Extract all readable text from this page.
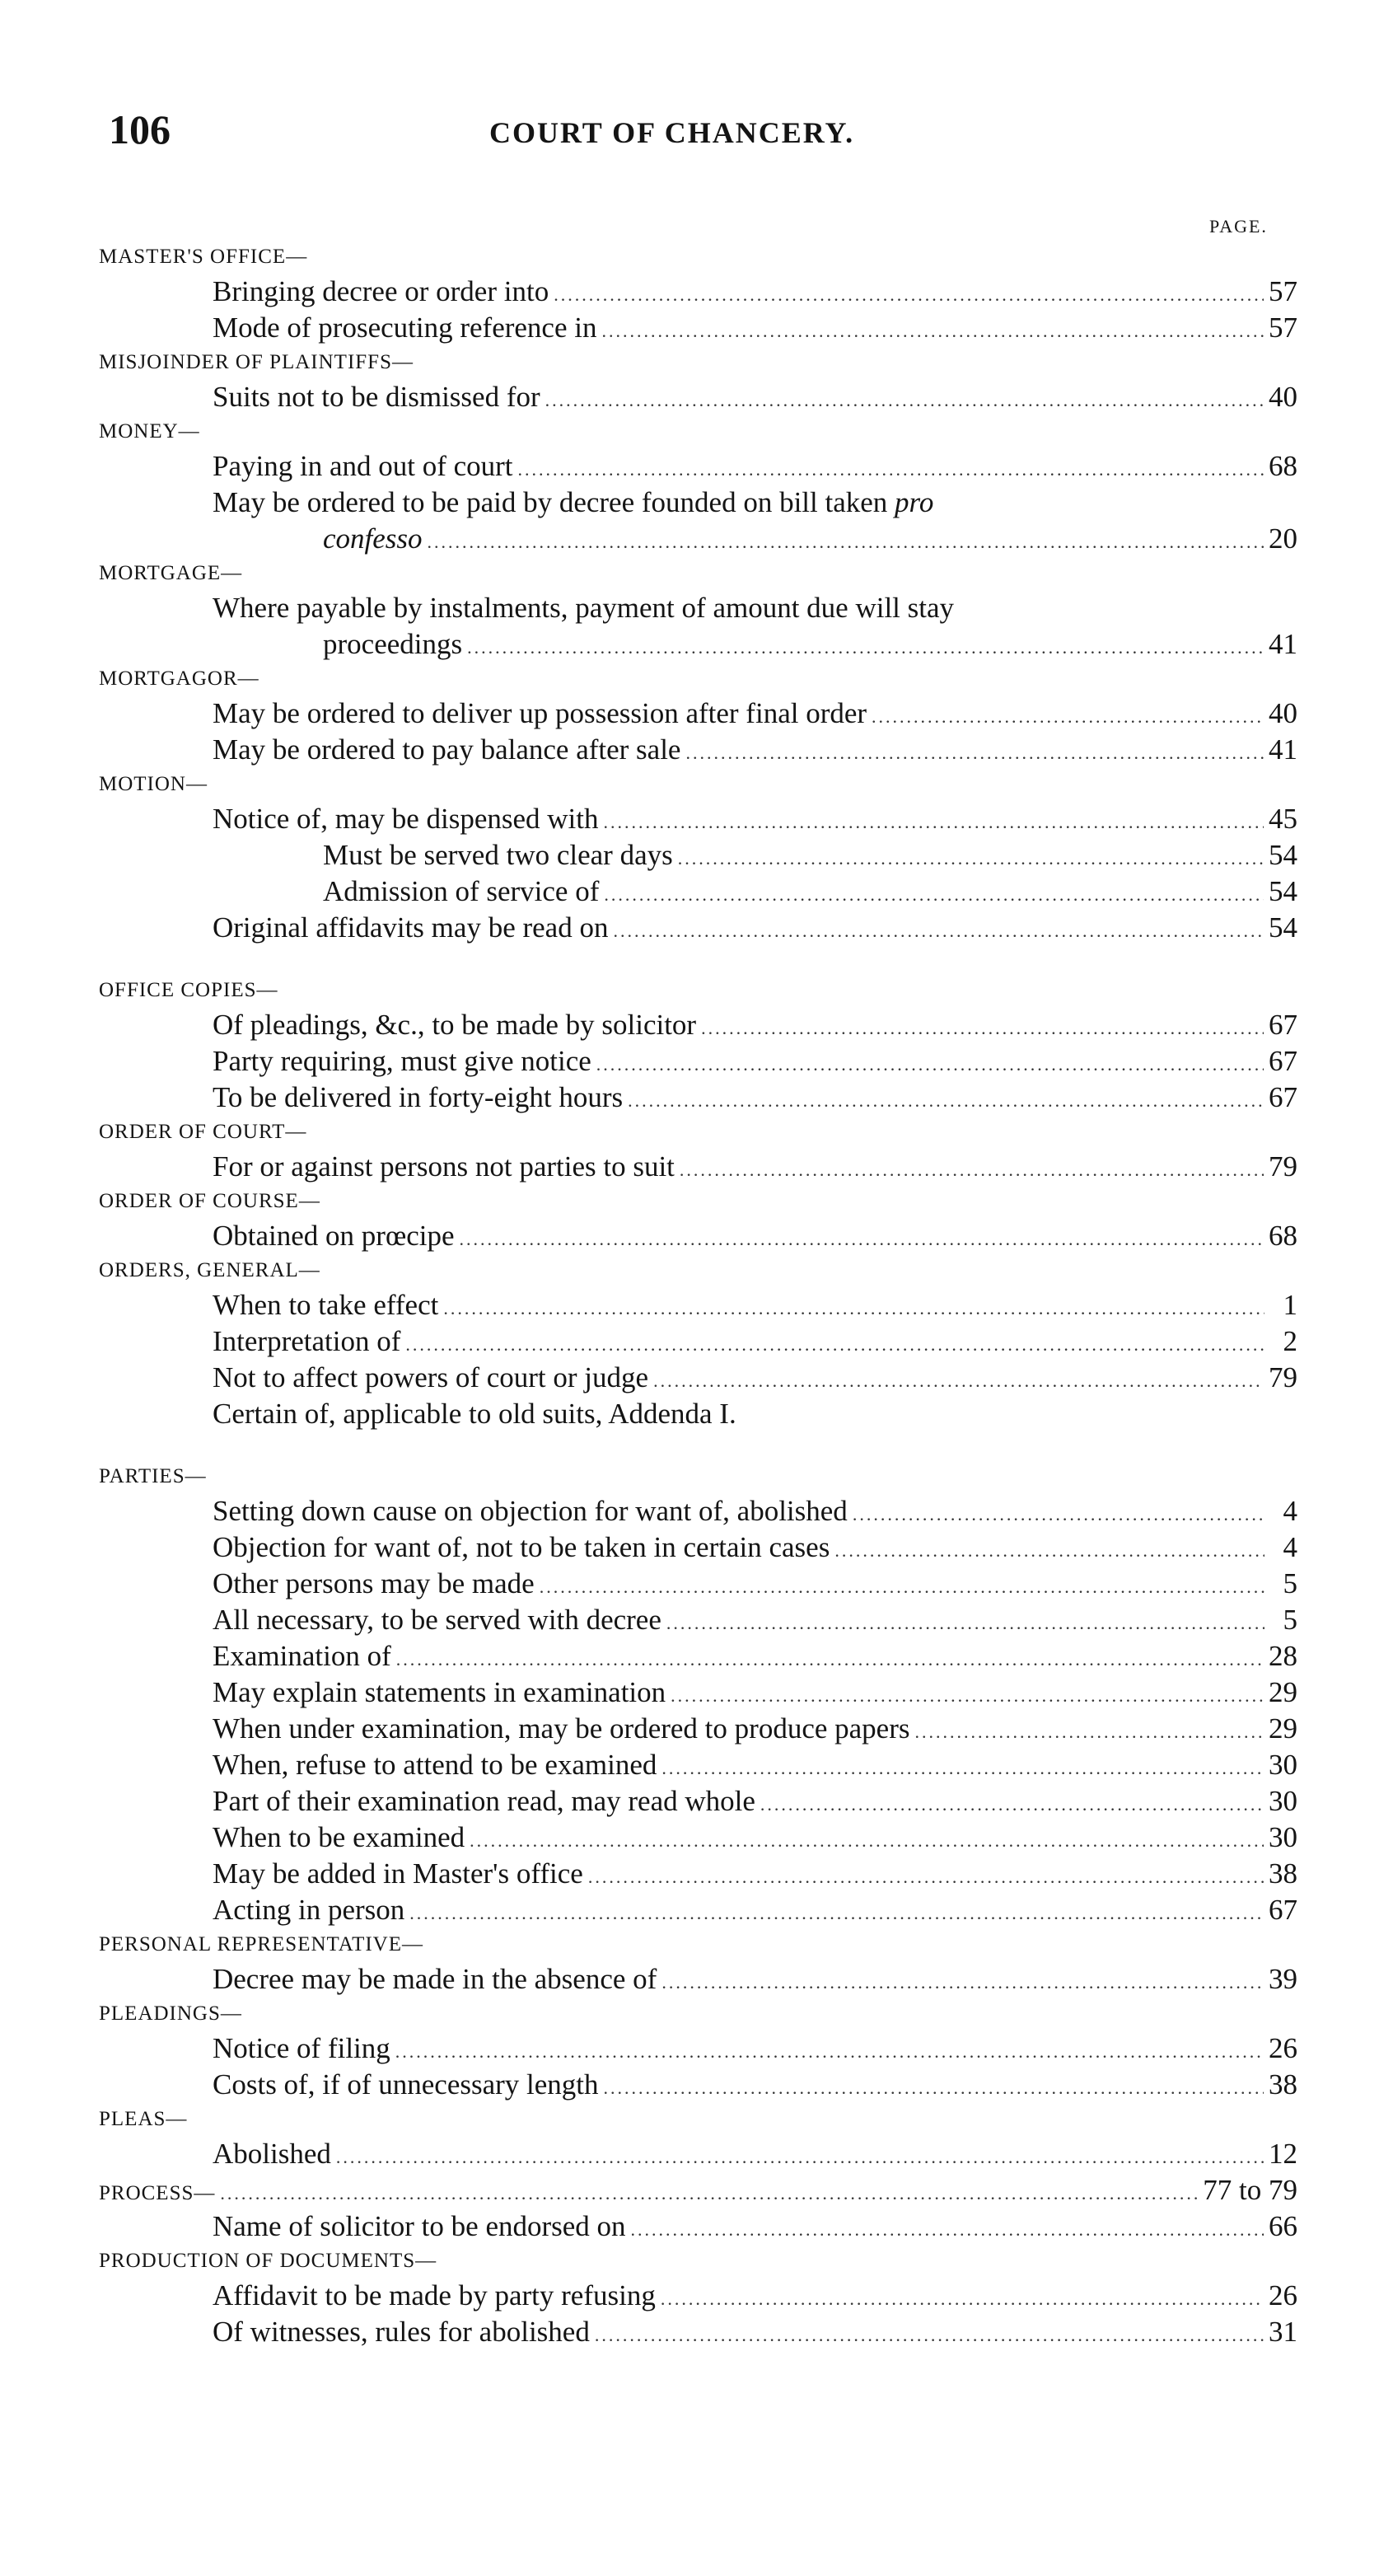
106	COURT OF CHANCERY.
PAGE.
MASTER'S OFFICE—
Bringing decree or order into .....	57
Mode of prosecuting reference in .....	57
MISJOINDER OF PLAINTIFFS—
Suits not to be dismissed for .....	40
MONEY—
Paying in and out of court .....	68
May be ordered to be paid by decree founded on bill taken pro
confesso .....	20
MORTGAGE—
Where payable by instalments, payment of amount due will stay
proceedings .....	41
MORTGAGOR—
May be ordered to deliver up possession after final order .....	40
May be ordered to pay balance after sale .....	41
MOTION—
Notice of, may be dispensed with .....	45
Must be served two clear days .....	54
Admission of service of .....	54
Original affidavits may be read on .....	54
OFFICE COPIES—
Of pleadings, &c., to be made by solicitor .....	67
Party requiring, must give notice .....	67
To be delivered in forty-eight hours .....	67
ORDER OF COURT—
For or against persons not parties to suit .....	79
ORDER OF COURSE—
Obtained on prœcipe .....	68
ORDERS, GENERAL—
When to take effect .....	1
Interpretation of .....	2
Not to affect powers of court or judge .....	79
Certain of, applicable to old suits, Addenda I.
PARTIES—
Setting down cause on objection for want of, abolished .....	4
Objection for want of, not to be taken in certain cases .....	4
Other persons may be made .....	5
All necessary, to be served with decree .....	5
Examination of .....	28
May explain statements in examination .....	29
When under examination, may be ordered to produce papers .....	29
When, refuse to attend to be examined .....	30
Part of their examination read, may read whole .....	30
When to be examined .....	30
May be added in Master's office .....	38
Acting in person .....	67
PERSONAL REPRESENTATIVE—
Decree may be made in the absence of .....	39
PLEADINGS—
Notice of filing .....	26
Costs of, if of unnecessary length .....	38
PLEAS—
Abolished .....	12
PROCESS— .....	77 to 79
Name of solicitor to be endorsed on .....	66
PRODUCTION OF DOCUMENTS—
Affidavit to be made by party refusing .....	26
Of witnesses, rules for abolished .....	31
